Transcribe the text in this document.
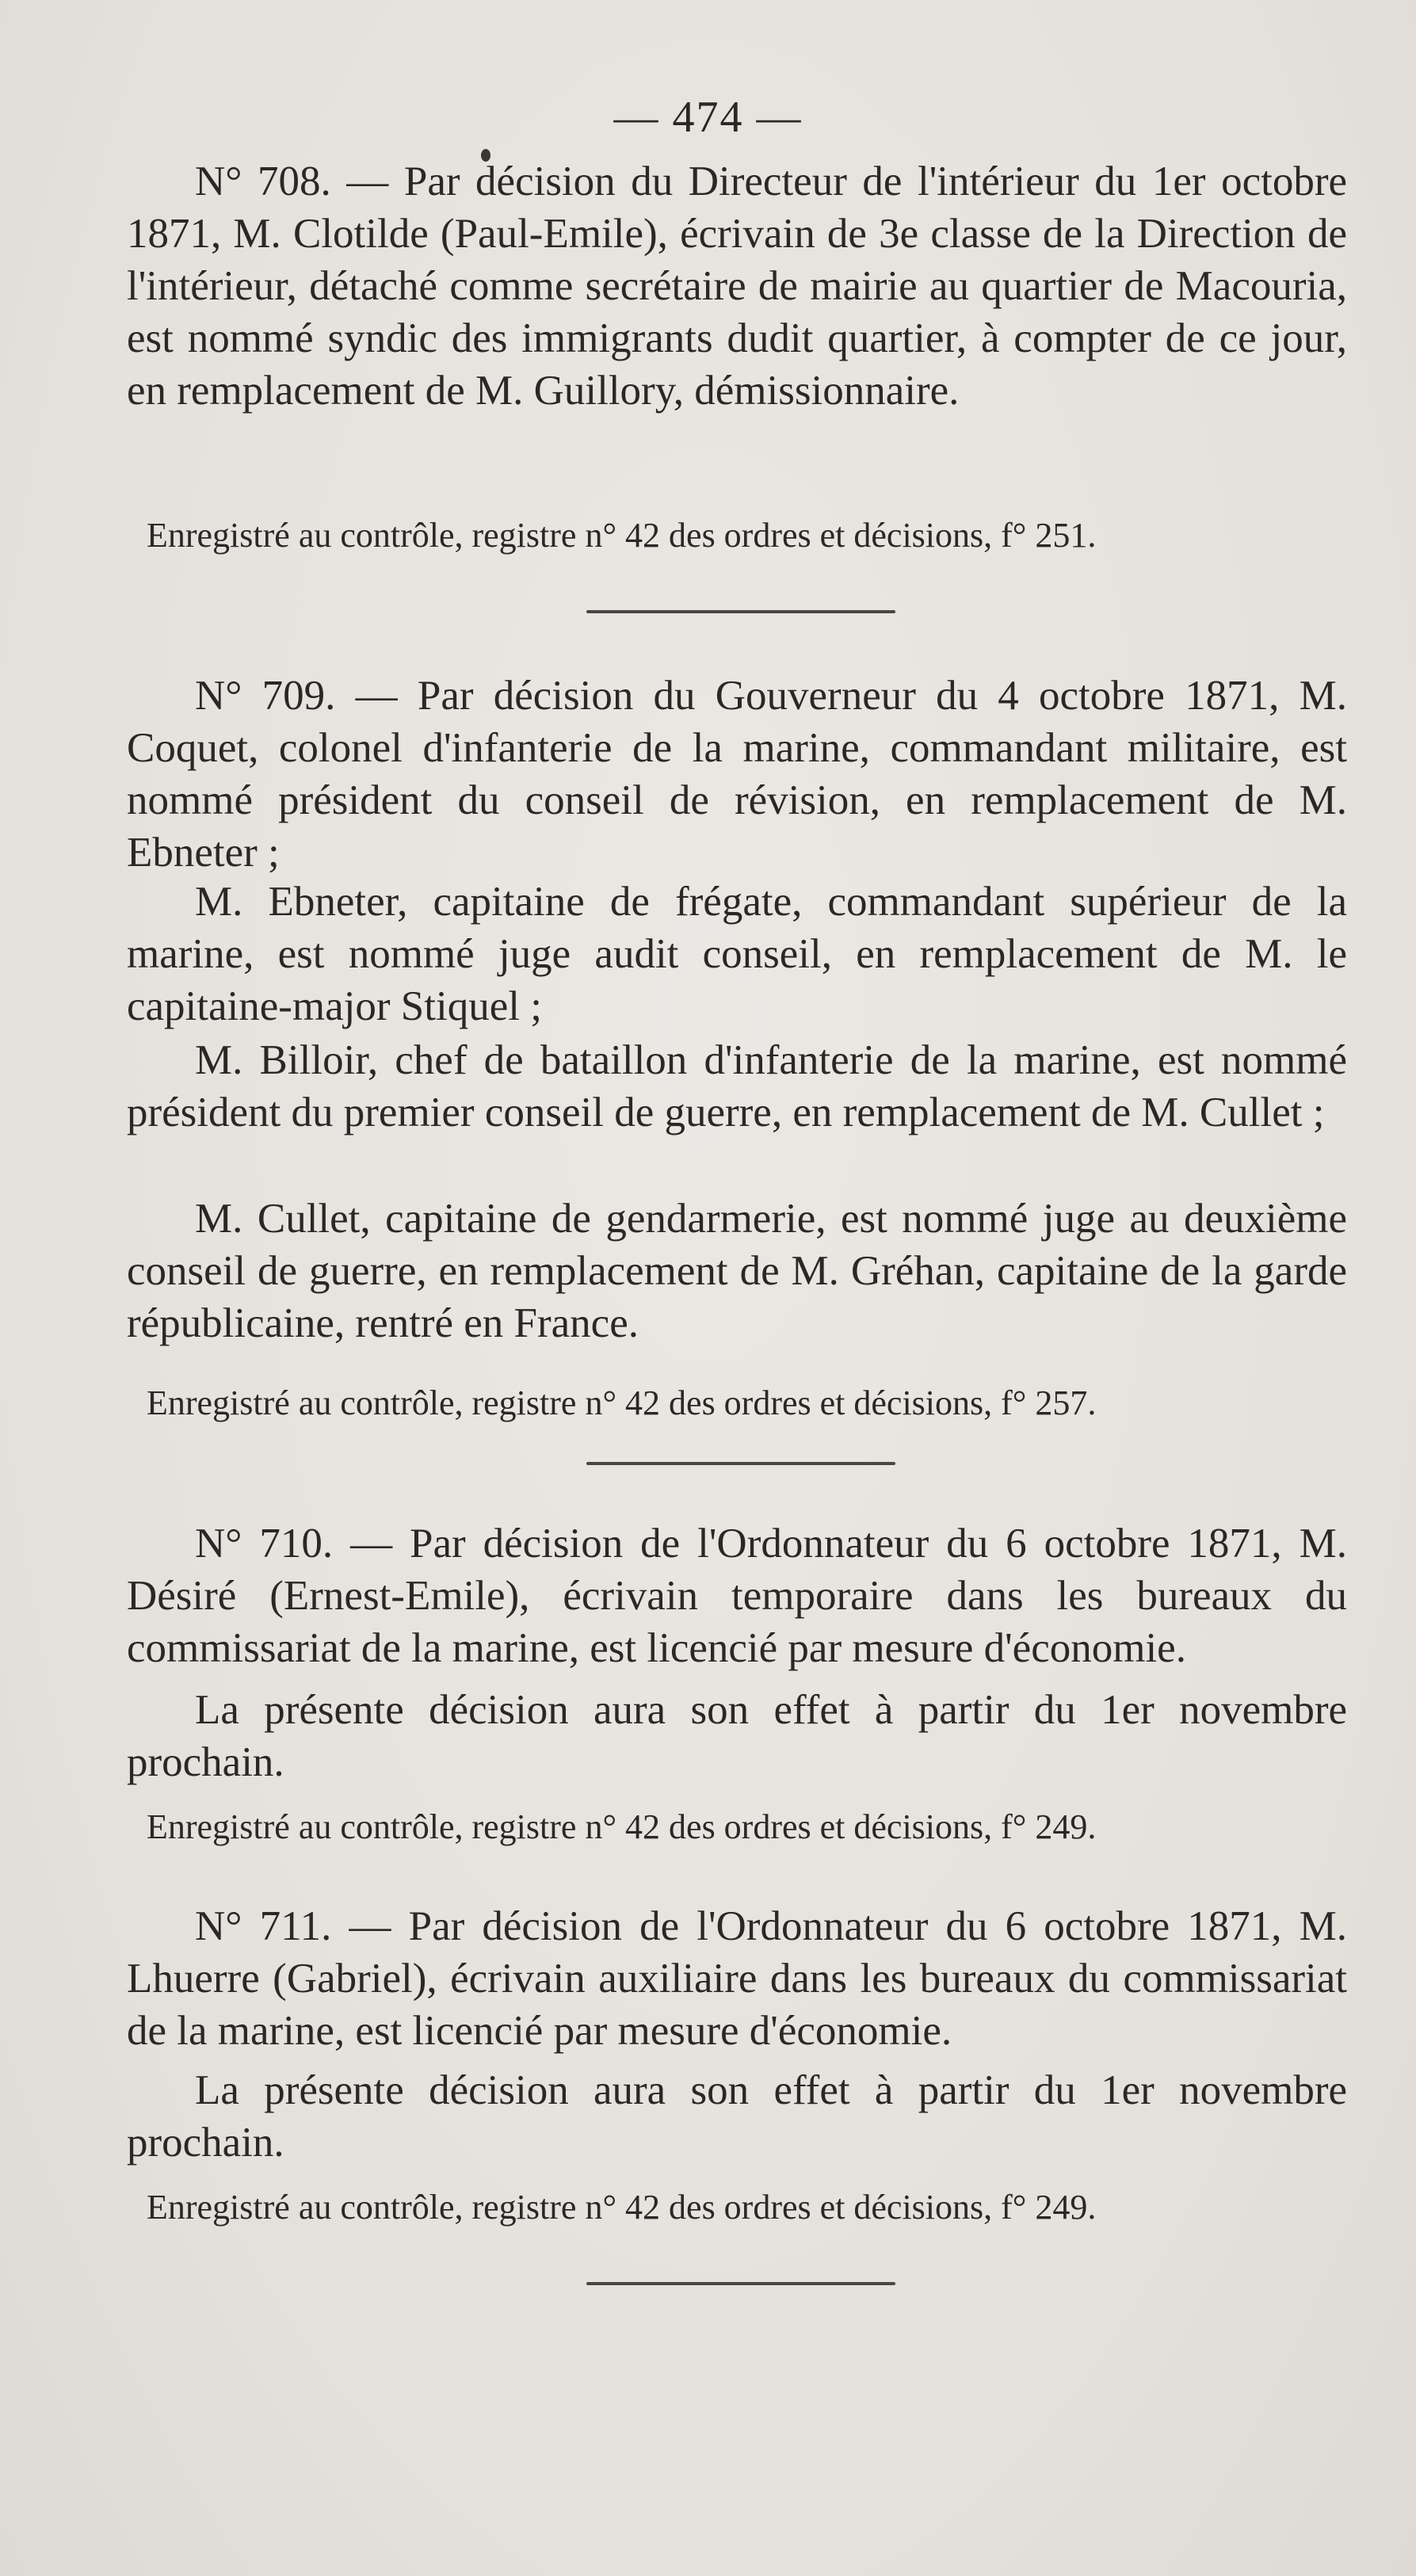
— 474 —

N° 708. — Par décision du Directeur de l'intérieur du 1er octobre 1871, M. Clotilde (Paul-Emile), écrivain de 3e classe de la Direction de l'intérieur, détaché comme secrétaire de mairie au quartier de Macouria, est nommé syndic des immigrants dudit quartier, à compter de ce jour, en remplacement de M. Guillory, démissionnaire.

Enregistré au contrôle, registre n° 42 des ordres et décisions, f° 251.

N° 709. — Par décision du Gouverneur du 4 octobre 1871, M. Coquet, colonel d'infanterie de la marine, commandant militaire, est nommé président du conseil de révision, en remplacement de M. Ebneter ;

M. Ebneter, capitaine de frégate, commandant supérieur de la marine, est nommé juge audit conseil, en remplacement de M. le capitaine-major Stiquel ;

M. Billoir, chef de bataillon d'infanterie de la marine, est nommé président du premier conseil de guerre, en remplacement de M. Cullet ;

M. Cullet, capitaine de gendarmerie, est nommé juge au deuxième conseil de guerre, en remplacement de M. Gréhan, capitaine de la garde républicaine, rentré en France.

Enregistré au contrôle, registre n° 42 des ordres et décisions, f° 257.

N° 710. — Par décision de l'Ordonnateur du 6 octobre 1871, M. Désiré (Ernest-Emile), écrivain temporaire dans les bureaux du commissariat de la marine, est licencié par mesure d'économie.

La présente décision aura son effet à partir du 1er novembre prochain.

Enregistré au contrôle, registre n° 42 des ordres et décisions, f° 249.

N° 711. — Par décision de l'Ordonnateur du 6 octobre 1871, M. Lhuerre (Gabriel), écrivain auxiliaire dans les bureaux du commissariat de la marine, est licencié par mesure d'économie.

La présente décision aura son effet à partir du 1er novembre prochain.

Enregistré au contrôle, registre n° 42 des ordres et décisions, f° 249.
